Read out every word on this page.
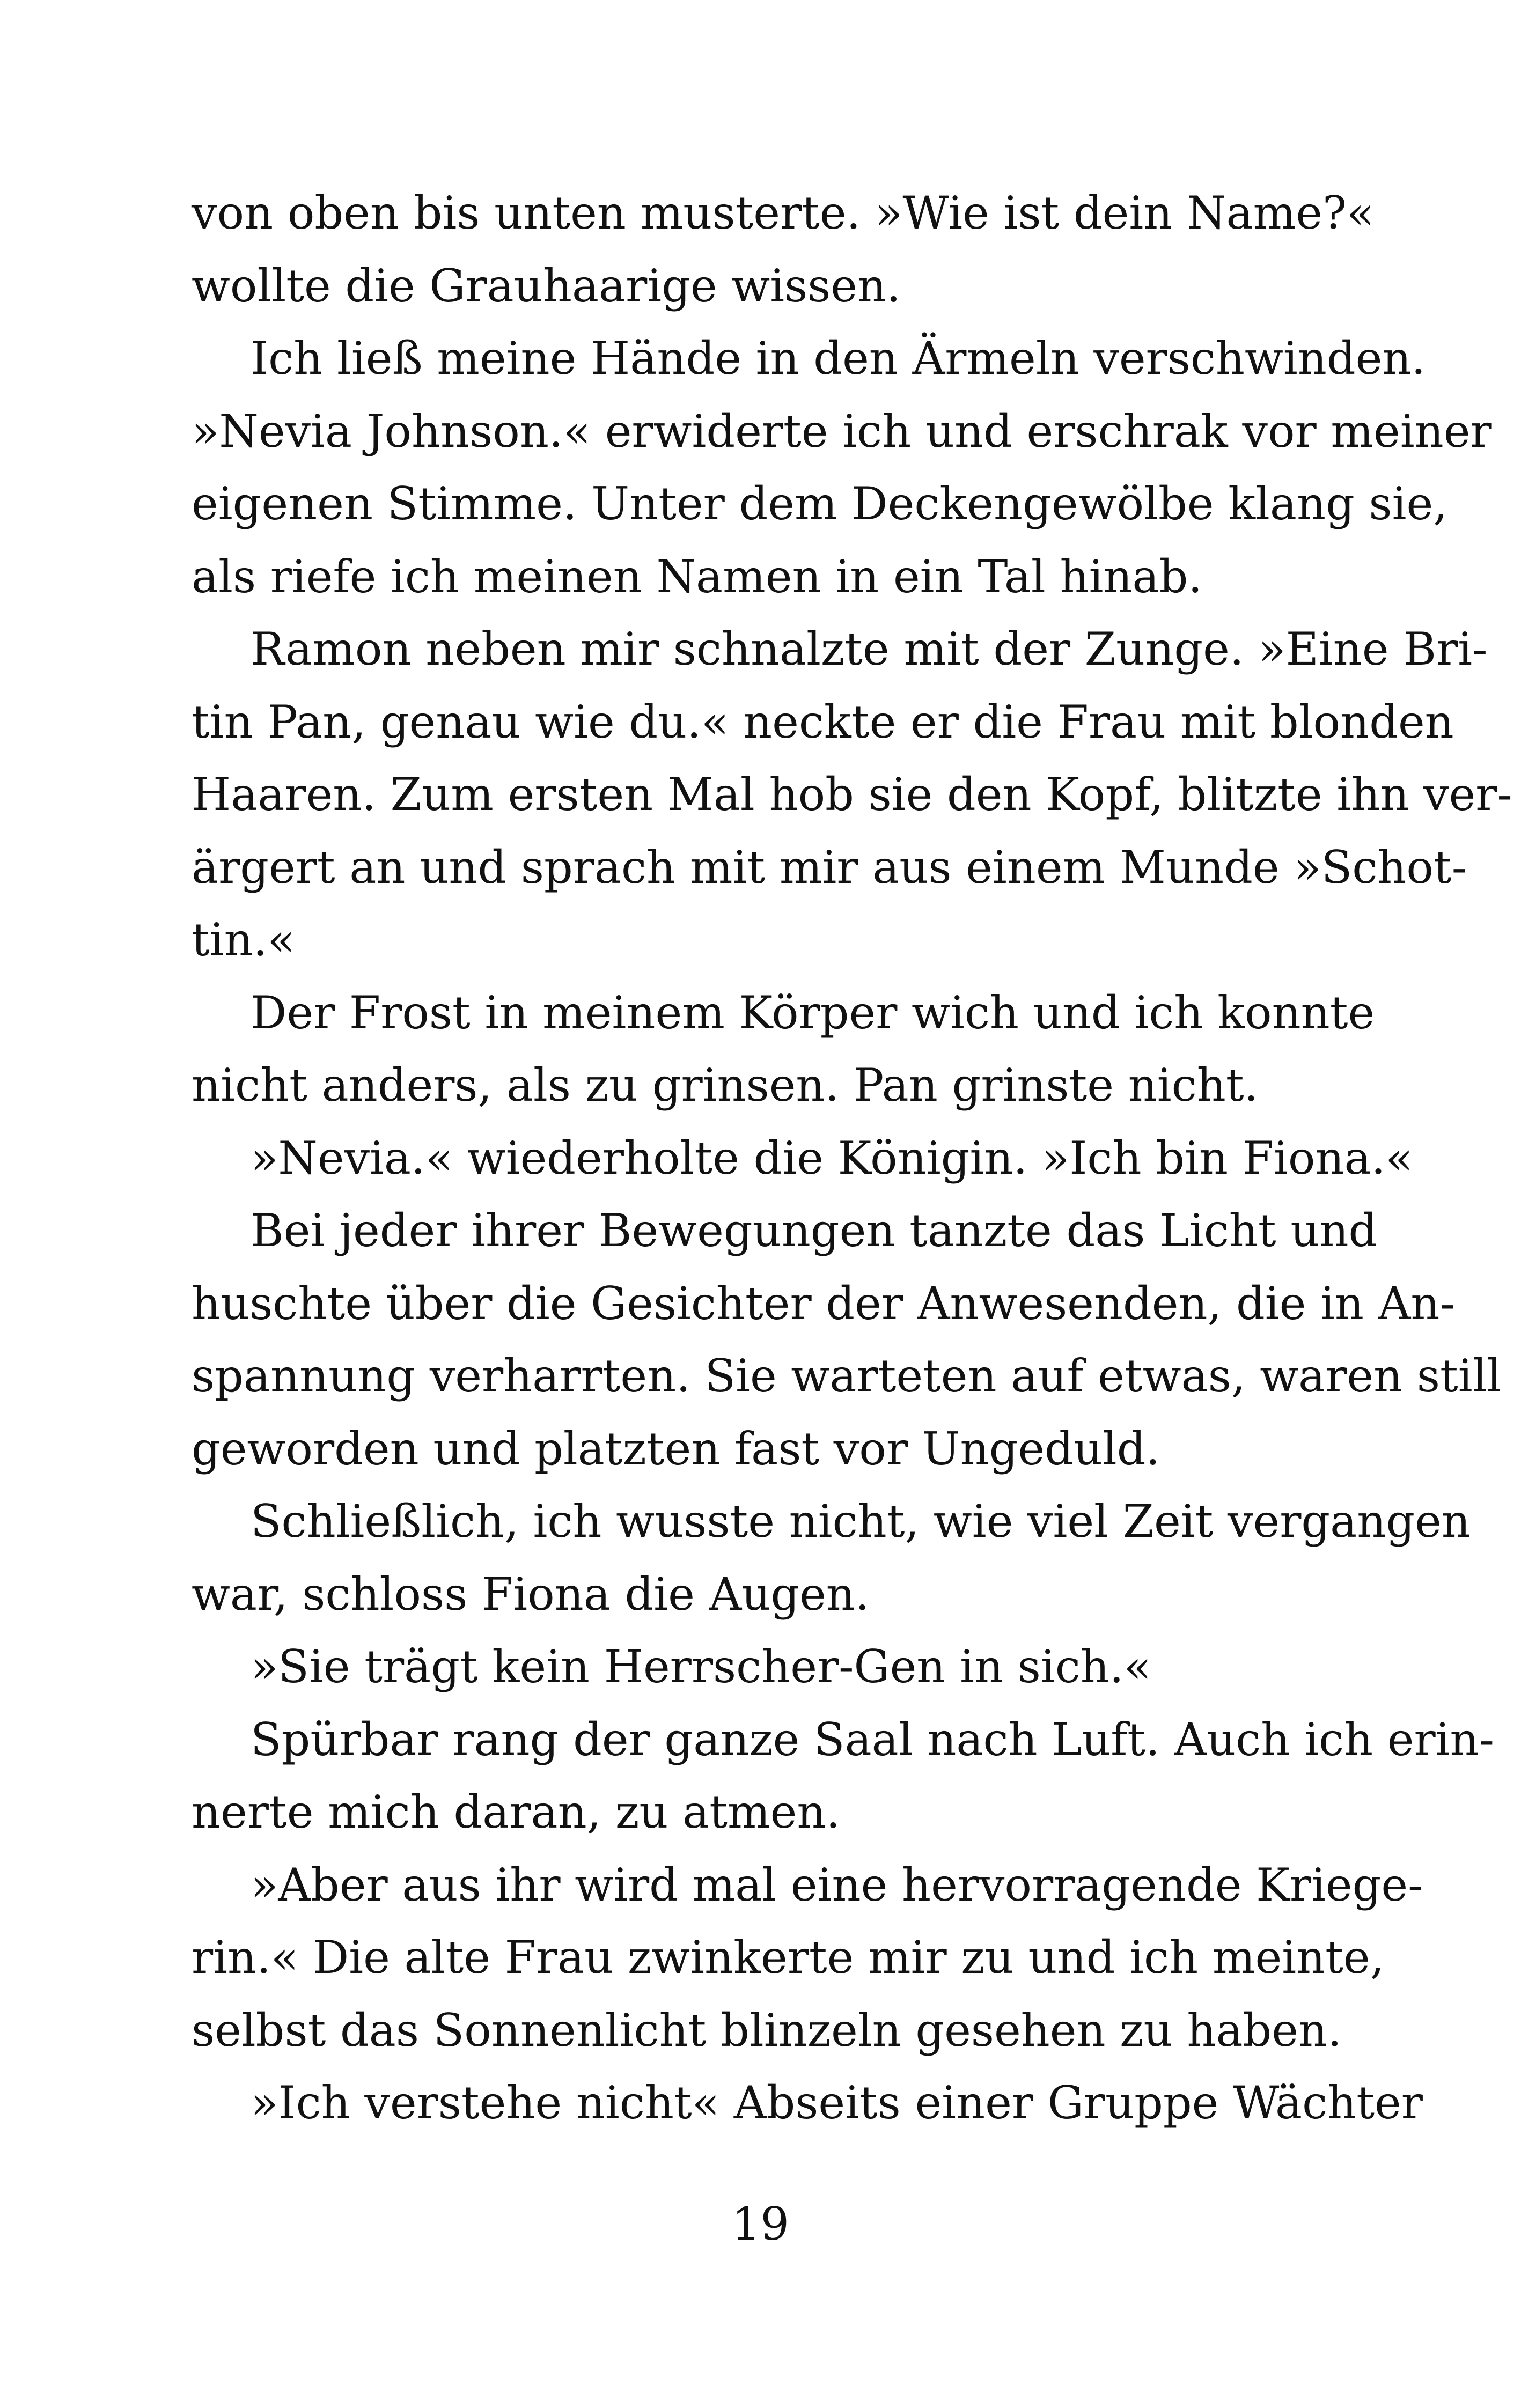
von oben bis unten musterte. »Wie ist dein Name?«
wollte die Grauhaarige wissen.
Ich ließ meine Hände in den Ärmeln verschwinden.
»Nevia Johnson.« erwiderte ich und erschrak vor meiner
eigenen Stimme. Unter dem Deckengewölbe klang sie,
als riefe ich meinen Namen in ein Tal hinab.
Ramon neben mir schnalzte mit der Zunge. »Eine Bri-
tin Pan, genau wie du.« neckte er die Frau mit blonden
Haaren. Zum ersten Mal hob sie den Kopf, blitzte ihn ver-
ärgert an und sprach mit mir aus einem Munde »Schot-
tin.«
Der Frost in meinem Körper wich und ich konnte
nicht anders, als zu grinsen. Pan grinste nicht.
»Nevia.« wiederholte die Königin. »Ich bin Fiona.«
Bei jeder ihrer Bewegungen tanzte das Licht und
huschte über die Gesichter der Anwesenden, die in An-
spannung verharrten. Sie warteten auf etwas, waren still
geworden und platzten fast vor Ungeduld.
Schließlich, ich wusste nicht, wie viel Zeit vergangen
war, schloss Fiona die Augen.
»Sie trägt kein Herrscher-Gen in sich.«
Spürbar rang der ganze Saal nach Luft. Auch ich erin-
nerte mich daran, zu atmen.
»Aber aus ihr wird mal eine hervorragende Kriege-
rin.« Die alte Frau zwinkerte mir zu und ich meinte,
selbst das Sonnenlicht blinzeln gesehen zu haben.
»Ich verstehe nicht« Abseits einer Gruppe Wächter
19
